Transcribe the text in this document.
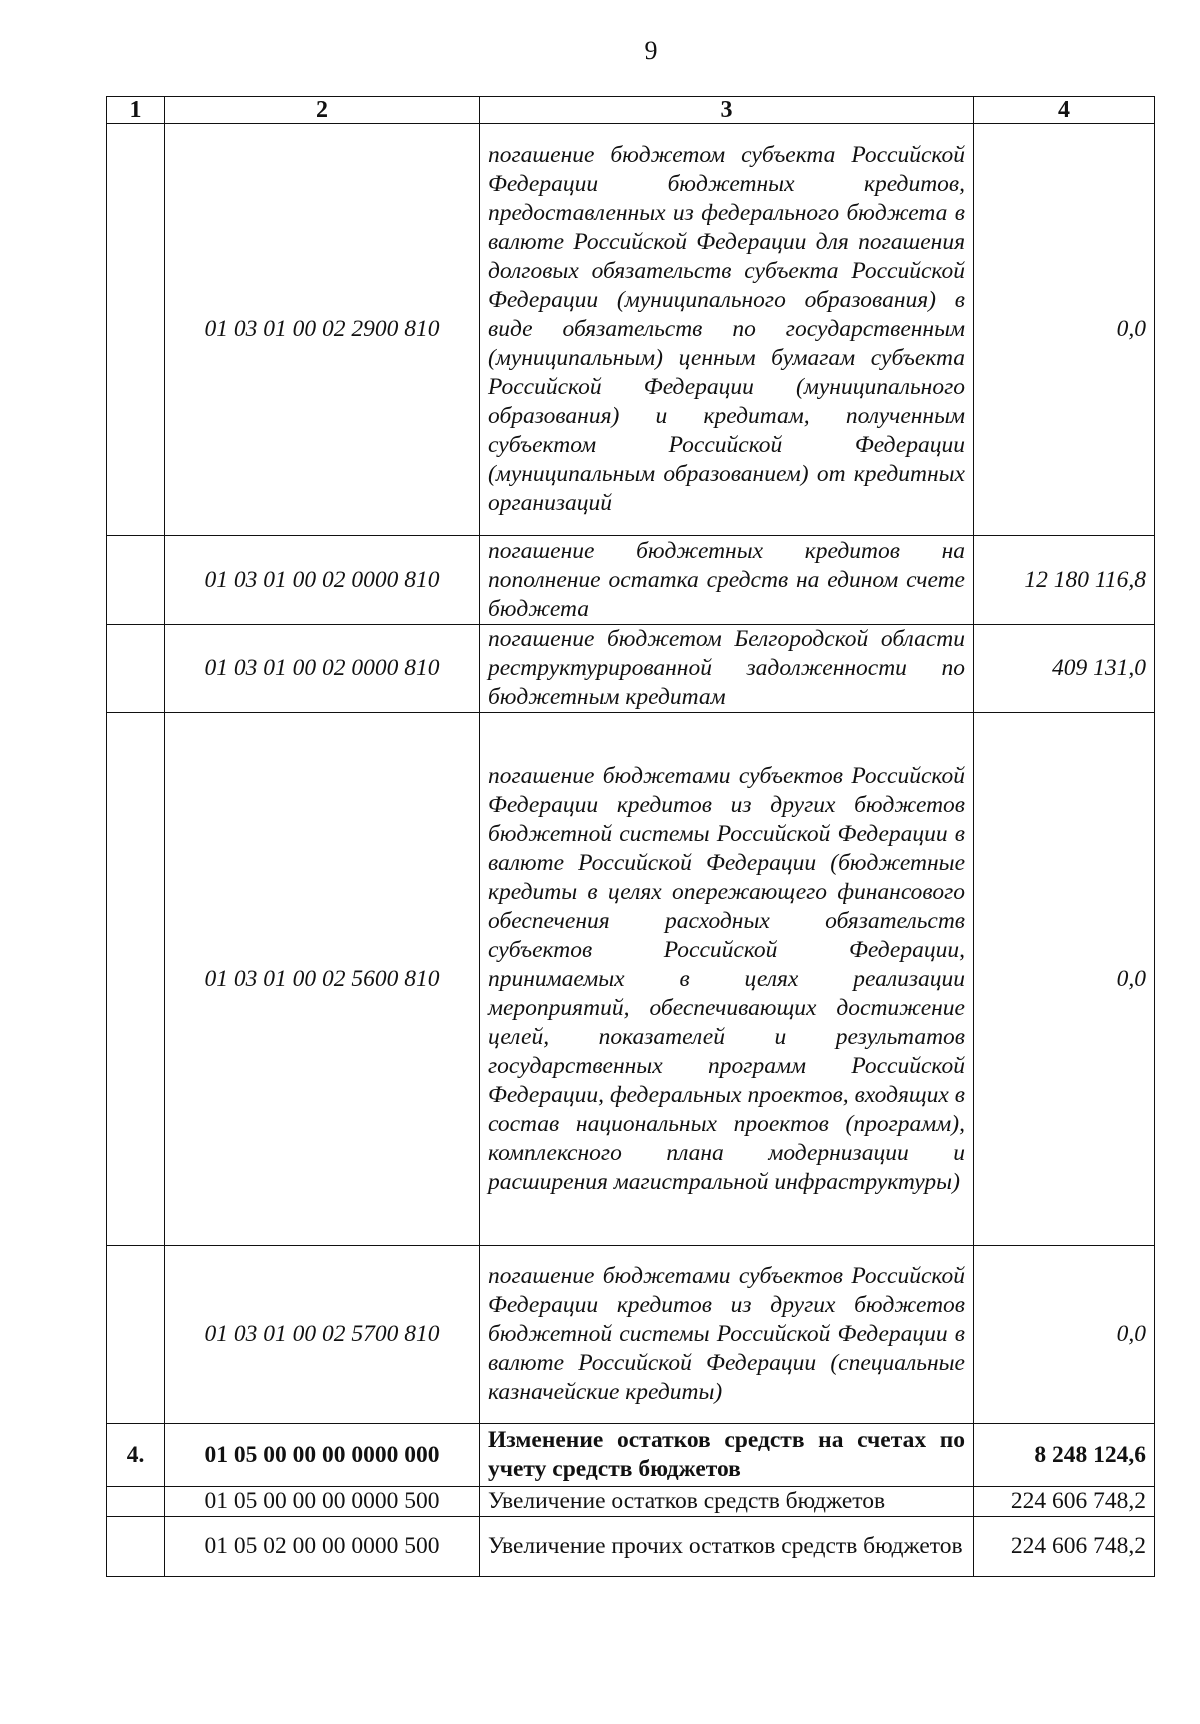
9
1	2	3	4
	01 03 01 00 02 2900 810	погашение бюджетом субъекта Российской Федерации бюджетных кредитов, предоставленных из федерального бюджета в валюте Российской Федерации для погашения долговых обязательств субъекта Российской Федерации (муниципального образования) в виде обязательств по государственным (муниципальным) ценным бумагам субъекта Российской Федерации (муниципального образования) и кредитам, полученным субъектом Российской Федерации (муниципальным образованием) от кредитных организаций	0,0
	01 03 01 00 02 0000 810	погашение бюджетных кредитов на пополнение остатка средств на едином счете бюджета	12 180 116,8
	01 03 01 00 02 0000 810	погашение бюджетом Белгородской области реструктурированной задолженности по бюджетным кредитам	409 131,0
	01 03 01 00 02 5600 810	погашение бюджетами субъектов Российской Федерации кредитов из других бюджетов бюджетной системы Российской Федерации в валюте Российской Федерации (бюджетные кредиты в целях опережающего финансового обеспечения расходных обязательств субъектов Российской Федерации, принимаемых в целях реализации мероприятий, обеспечивающих достижение целей, показателей и результатов государственных программ Российской Федерации, федеральных проектов, входящих в состав национальных проектов (программ), комплексного плана модернизации и расширения магистральной инфраструктуры)	0,0
	01 03 01 00 02 5700 810	погашение бюджетами субъектов Российской Федерации кредитов из других бюджетов бюджетной системы Российской Федерации в валюте Российской Федерации (специальные казначейские кредиты)	0,0
4.	01 05 00 00 00 0000 000	Изменение остатков средств на счетах по учету средств бюджетов	8 248 124,6
	01 05 00 00 00 0000 500	Увеличение остатков средств бюджетов	224 606 748,2
	01 05 02 00 00 0000 500	Увеличение прочих остатков средств бюджетов	224 606 748,2
